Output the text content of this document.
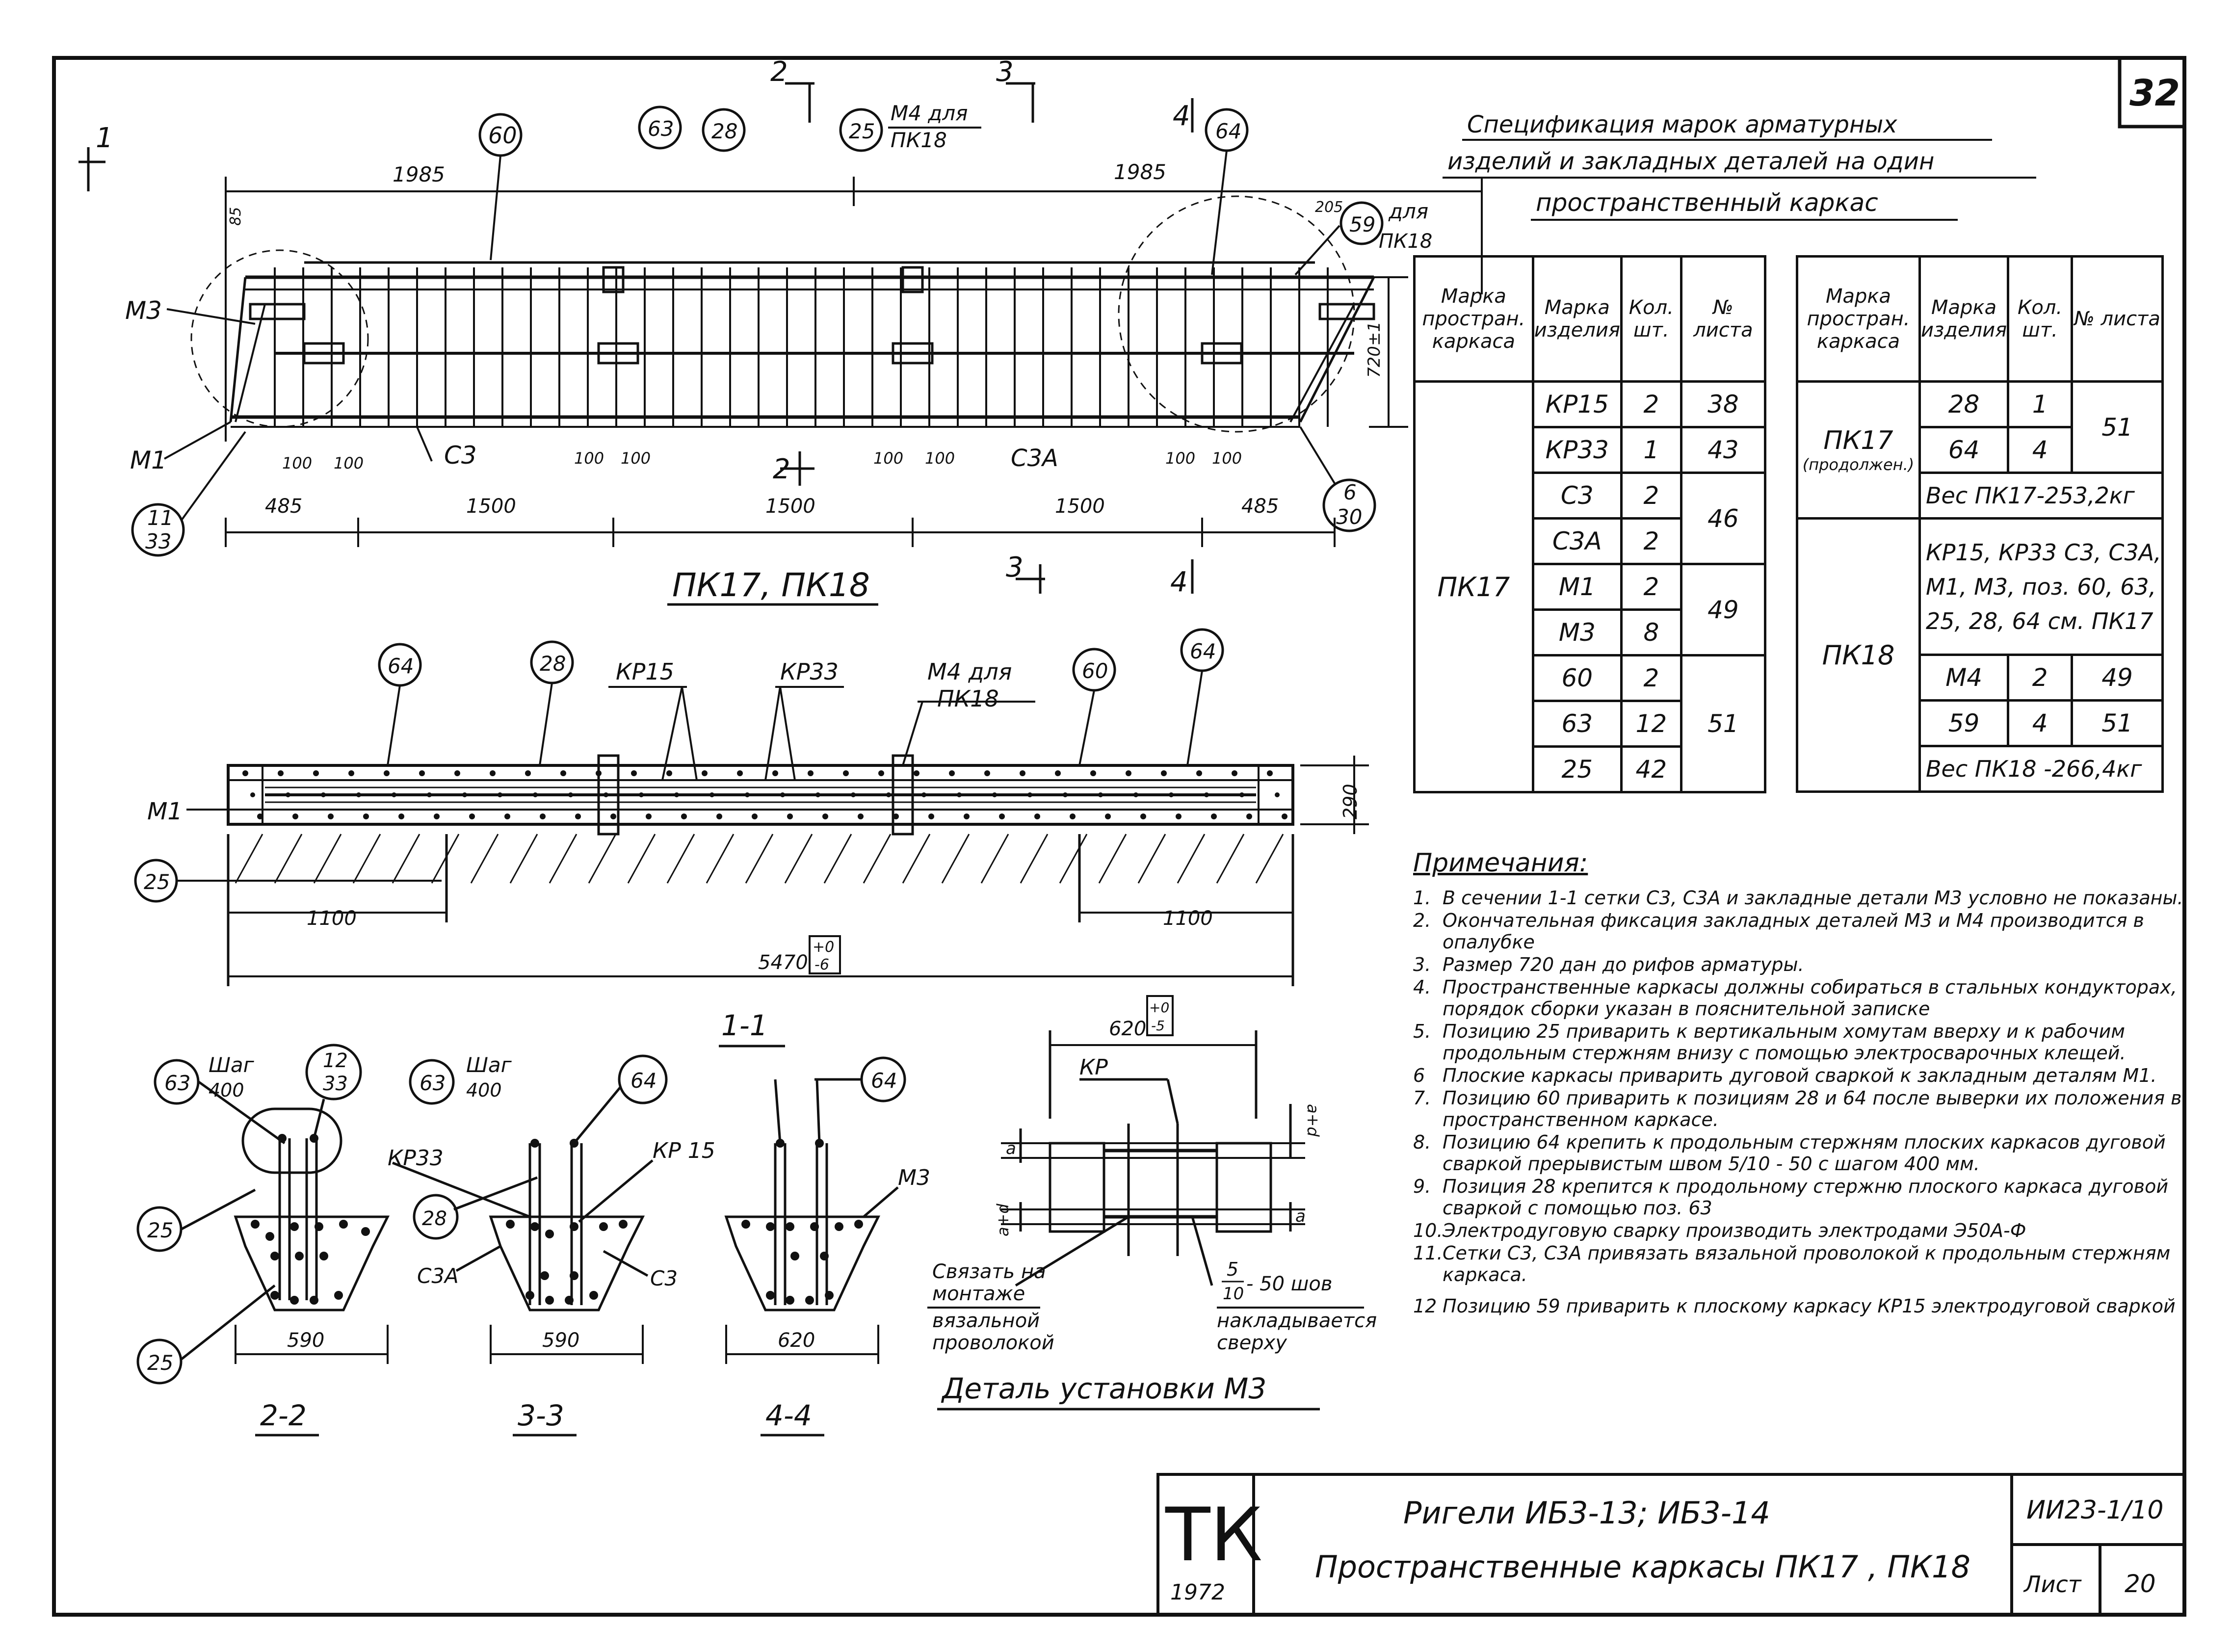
32
1
2	3
4
2
3	4
60	63 28	25
М4 для
ПК18	64
59
для
ПК18
М3
М1	С3	С3А
11
33
6
30
720±1
205
85
1985	1985
485	1500	1500	1500	485
100 100	100 100	100 100	100 100
ПК17, ПК18
64	28	60
64
25
КР15	КР33	М4 для
ПК18
М1
1100	1100
5470
+0
-6
290
1-1
63
Шаг
400
12
33
25
25
590
2-2
63
Шаг
400	64
28
КР33	КР 15
С3А	С3
590
3-3
64
М3
620
4-4
620
+0
-5
КР
a
a+d
a+d
a
Связать на
монтаже
вязальной
проволокой
5
10 - 50 шов
накладывается
сверху
Деталь установки М3
Спецификация марок арматурных
изделий и закладных деталей на один
пространственный каркас
ТК
1972
Ригели ИБ3-13; ИБ3-14
Пространственные каркасы ПК17 , ПК18
ИИ23-1/10
Лист 20
Марка простран. каркаса	Марка изделия	Кол. шт.	№ листа
ПК17	КР15	2	38
	КР33	1	43
	С3	2	46
	С3А	2	
	М1	2	49
	М3	8	
	60	2	51
	63	12	
	25	42	
Марка простран. каркаса	Марка изделия	Кол. шт.	№ листа

ПК17
(продолжен.)	28	1	51
	64	4	
	Вес ПК17-253,2кг		
ПК18	КР15, КР33 С3, С3А,
М1, М3, поз. 60, 63,
25, 28, 64 см. ПК17		

	М4	2	49
	59	4	51
	Вес ПК18 -266,4кг		
Примечания:
1. В сечении 1-1 сетки С3, С3А и закладные детали М3 условно не показаны.
2. Окончательная фиксация закладных деталей М3 и М4 производится в опалубке
3. Размер 720 дан до рифов арматуры.
4. Пространственные каркасы должны собираться в стальных кондукторах, порядок сборки указан в пояснительной записке
5. Позицию 25 приварить к вертикальным хомутам вверху и к рабочим продольным стержням внизу с помощью электросварочных клещей.
6 Плоские каркасы приварить дуговой сваркой к закладным деталям М1.
7. Позицию 60 приварить к позициям 28 и 64 после выверки их положения в пространственном каркасе.
8. Позицию 64 крепить к продольным стержням плоских каркасов дуговой сваркой прерывистым швом 5/10 - 50 с шагом 400 мм.
9. Позиция 28 крепится к продольному стержню плоского каркаса дуговой сваркой с помощью поз. 63
10. Электродуговую сварку производить электродами Э50А-Ф
11. Сетки С3, С3А привязать вязальной проволокой к продольным стержням каркаса.
12 Позицию 59 приварить к плоскому каркасу КР15 электродуговой сваркой
